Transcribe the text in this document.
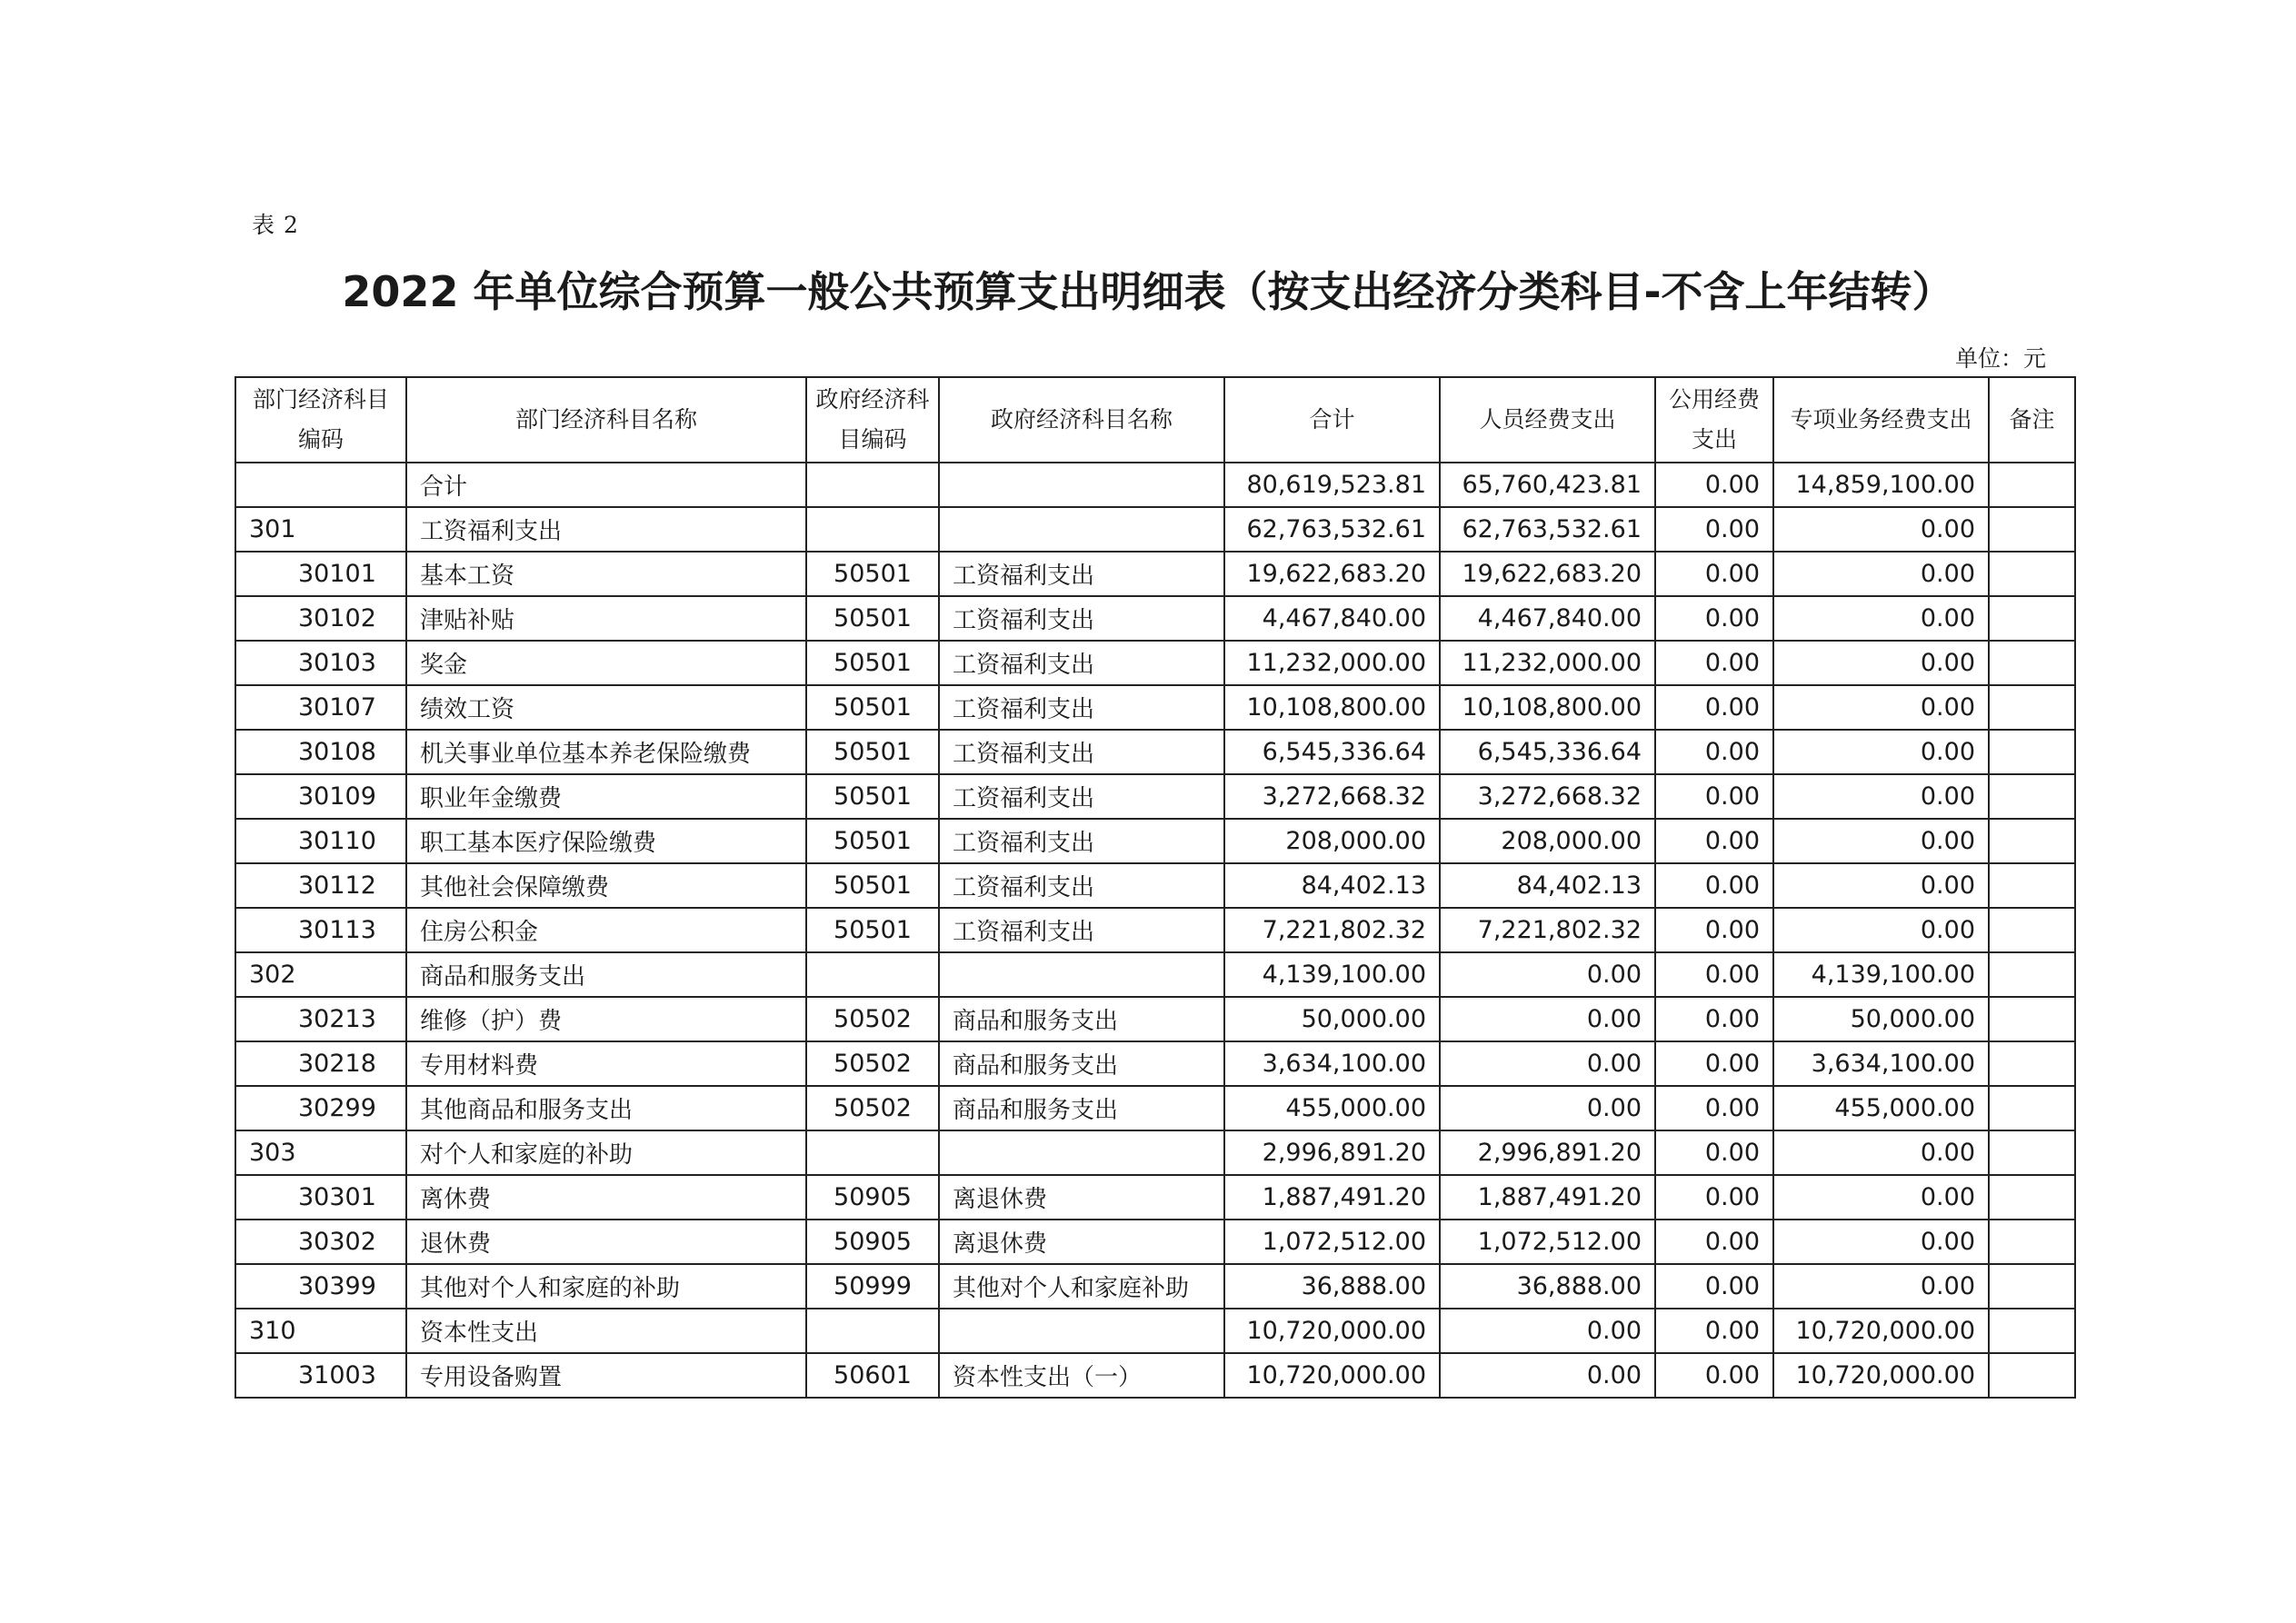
表 2
2022 年单位综合预算一般公共预算支出明细表（按支出经济分类科目-不含上年结转）
单位：元
部门经济科目编码	部门经济科目名称	政府经济科目编码	政府经济科目名称	合计	人员经费支出	公用经费支出	专项业务经费支出	备注
	合计			80,619,523.81	65,760,423.81	0.00	14,859,100.00	
301	工资福利支出			62,763,532.61	62,763,532.61	0.00	0.00	
30101	基本工资	50501	工资福利支出	19,622,683.20	19,622,683.20	0.00	0.00	
30102	津贴补贴	50501	工资福利支出	4,467,840.00	4,467,840.00	0.00	0.00	
30103	奖金	50501	工资福利支出	11,232,000.00	11,232,000.00	0.00	0.00	
30107	绩效工资	50501	工资福利支出	10,108,800.00	10,108,800.00	0.00	0.00	
30108	机关事业单位基本养老保险缴费	50501	工资福利支出	6,545,336.64	6,545,336.64	0.00	0.00	
30109	职业年金缴费	50501	工资福利支出	3,272,668.32	3,272,668.32	0.00	0.00	
30110	职工基本医疗保险缴费	50501	工资福利支出	208,000.00	208,000.00	0.00	0.00	
30112	其他社会保障缴费	50501	工资福利支出	84,402.13	84,402.13	0.00	0.00	
30113	住房公积金	50501	工资福利支出	7,221,802.32	7,221,802.32	0.00	0.00	
302	商品和服务支出			4,139,100.00	0.00	0.00	4,139,100.00	
30213	维修（护）费	50502	商品和服务支出	50,000.00	0.00	0.00	50,000.00	
30218	专用材料费	50502	商品和服务支出	3,634,100.00	0.00	0.00	3,634,100.00	
30299	其他商品和服务支出	50502	商品和服务支出	455,000.00	0.00	0.00	455,000.00	
303	对个人和家庭的补助			2,996,891.20	2,996,891.20	0.00	0.00	
30301	离休费	50905	离退休费	1,887,491.20	1,887,491.20	0.00	0.00	
30302	退休费	50905	离退休费	1,072,512.00	1,072,512.00	0.00	0.00	
30399	其他对个人和家庭的补助	50999	其他对个人和家庭补助	36,888.00	36,888.00	0.00	0.00	
310	资本性支出			10,720,000.00	0.00	0.00	10,720,000.00	
31003	专用设备购置	50601	资本性支出（一）	10,720,000.00	0.00	0.00	10,720,000.00	
